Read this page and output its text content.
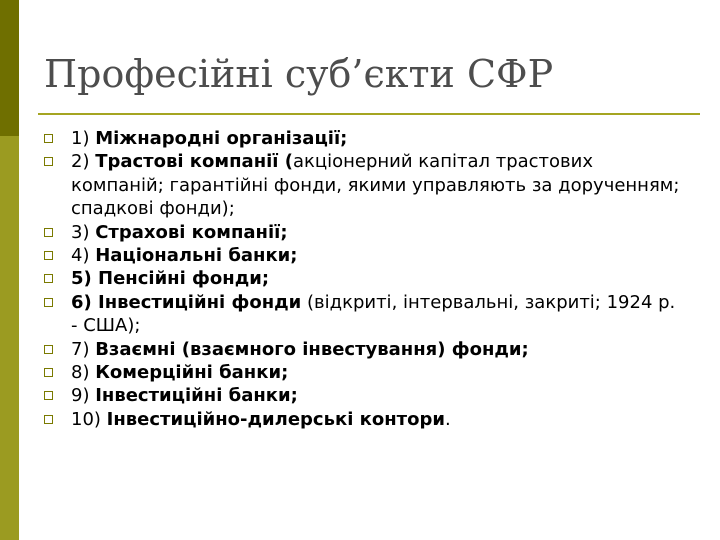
Професійні суб’єкти СФР
1) Міжнародні організації;
2) Трастові компанії (акціонерний капітал трастових компаній; гарантійні фонди, якими управляють за дорученням; спадкові фонди);
3) Страхові компанії;
4) Національні банки;
5) Пенсійні фонди;
6) Інвестиційні фонди (відкриті, інтервальні, закриті; 1924 р. - США);
7) Взаємні (взаємного інвестування) фонди;
8) Комерційні банки;
9) Інвестиційні банки;
10) Інвестиційно-дилерські контори.
